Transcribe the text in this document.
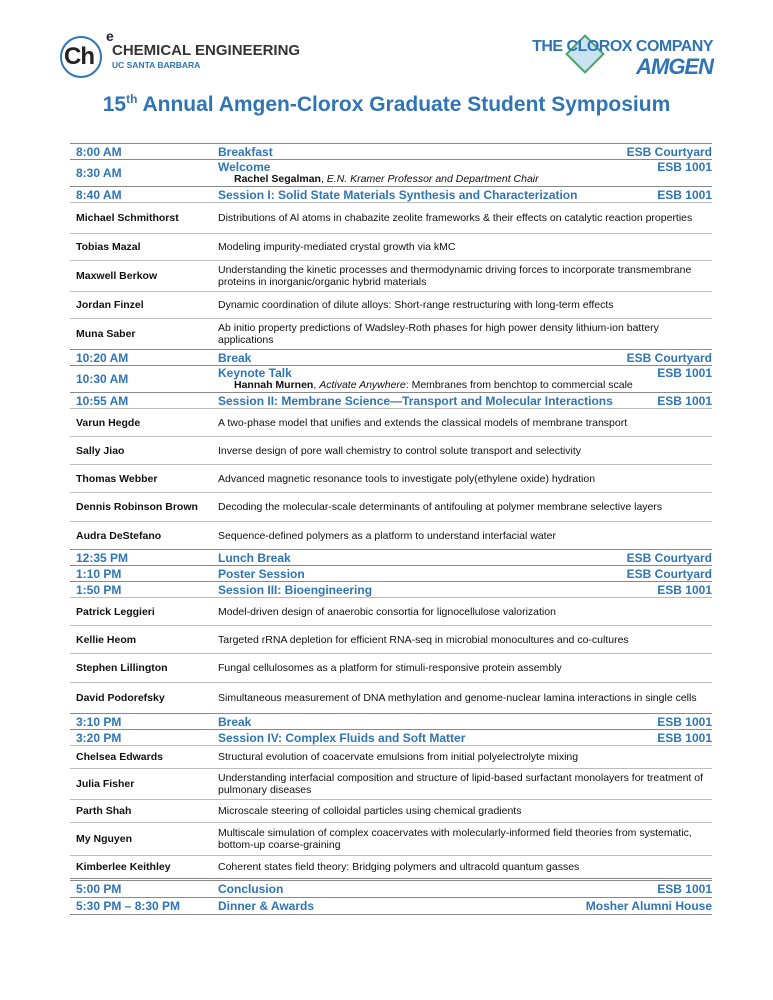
Ch
e
CHEMICAL ENGINEERING
UC SANTA BARBARA
THE CLOROX COMPANY
AMGEN
15th Annual Amgen-Clorox Graduate Student Symposium
8:00 AM	Breakfast	ESB Courtyard
8:30 AM	Welcome	ESB 1001
Rachel Segalman, E.N. Kramer Professor and Department Chair
8:40 AM	Session I: Solid State Materials Synthesis and Characterization	ESB 1001
Michael Schmithorst	Distributions of Al atoms in chabazite zeolite frameworks & their effects on catalytic reaction properties
Tobias Mazal	Modeling impurity-mediated crystal growth via kMC
Maxwell Berkow	Understanding the kinetic processes and thermodynamic driving forces to incorporate transmembrane proteins in inorganic/organic hybrid materials
Jordan Finzel	Dynamic coordination of dilute alloys: Short-range restructuring with long-term effects
Muna Saber	Ab initio property predictions of Wadsley-Roth phases for high power density lithium-ion battery applications
10:20 AM	Break	ESB Courtyard
10:30 AM	Keynote Talk	ESB 1001
Hannah Murnen, Activate Anywhere: Membranes from benchtop to commercial scale
10:55 AM	Session II: Membrane Science—Transport and Molecular Interactions	ESB 1001
Varun Hegde	A two-phase model that unifies and extends the classical models of membrane transport
Sally Jiao	Inverse design of pore wall chemistry to control solute transport and selectivity
Thomas Webber	Advanced magnetic resonance tools to investigate poly(ethylene oxide) hydration
Dennis Robinson Brown	Decoding the molecular-scale determinants of antifouling at polymer membrane selective layers
Audra DeStefano	Sequence-defined polymers as a platform to understand interfacial water
12:35 PM	Lunch Break	ESB Courtyard
1:10 PM	Poster Session	ESB Courtyard
1:50 PM	Session III: Bioengineering	ESB 1001
Patrick Leggieri	Model-driven design of anaerobic consortia for lignocellulose valorization
Kellie Heom	Targeted rRNA depletion for efficient RNA-seq in microbial monocultures and co-cultures
Stephen Lillington	Fungal cellulosomes as a platform for stimuli-responsive protein assembly
David Podorefsky	Simultaneous measurement of DNA methylation and genome-nuclear lamina interactions in single cells
3:10 PM	Break	ESB 1001
3:20 PM	Session IV: Complex Fluids and Soft Matter	ESB 1001
Chelsea Edwards	Structural evolution of coacervate emulsions from initial polyelectrolyte mixing
Julia Fisher	Understanding interfacial composition and structure of lipid-based surfactant monolayers for treatment of pulmonary diseases
Parth Shah	Microscale steering of colloidal particles using chemical gradients
My Nguyen	Multiscale simulation of complex coacervates with molecularly-informed field theories from systematic, bottom-up coarse-graining
Kimberlee Keithley	Coherent states field theory: Bridging polymers and ultracold quantum gasses
5:00 PM	Conclusion	ESB 1001
5:30 PM – 8:30 PM	Dinner & Awards	Mosher Alumni House
